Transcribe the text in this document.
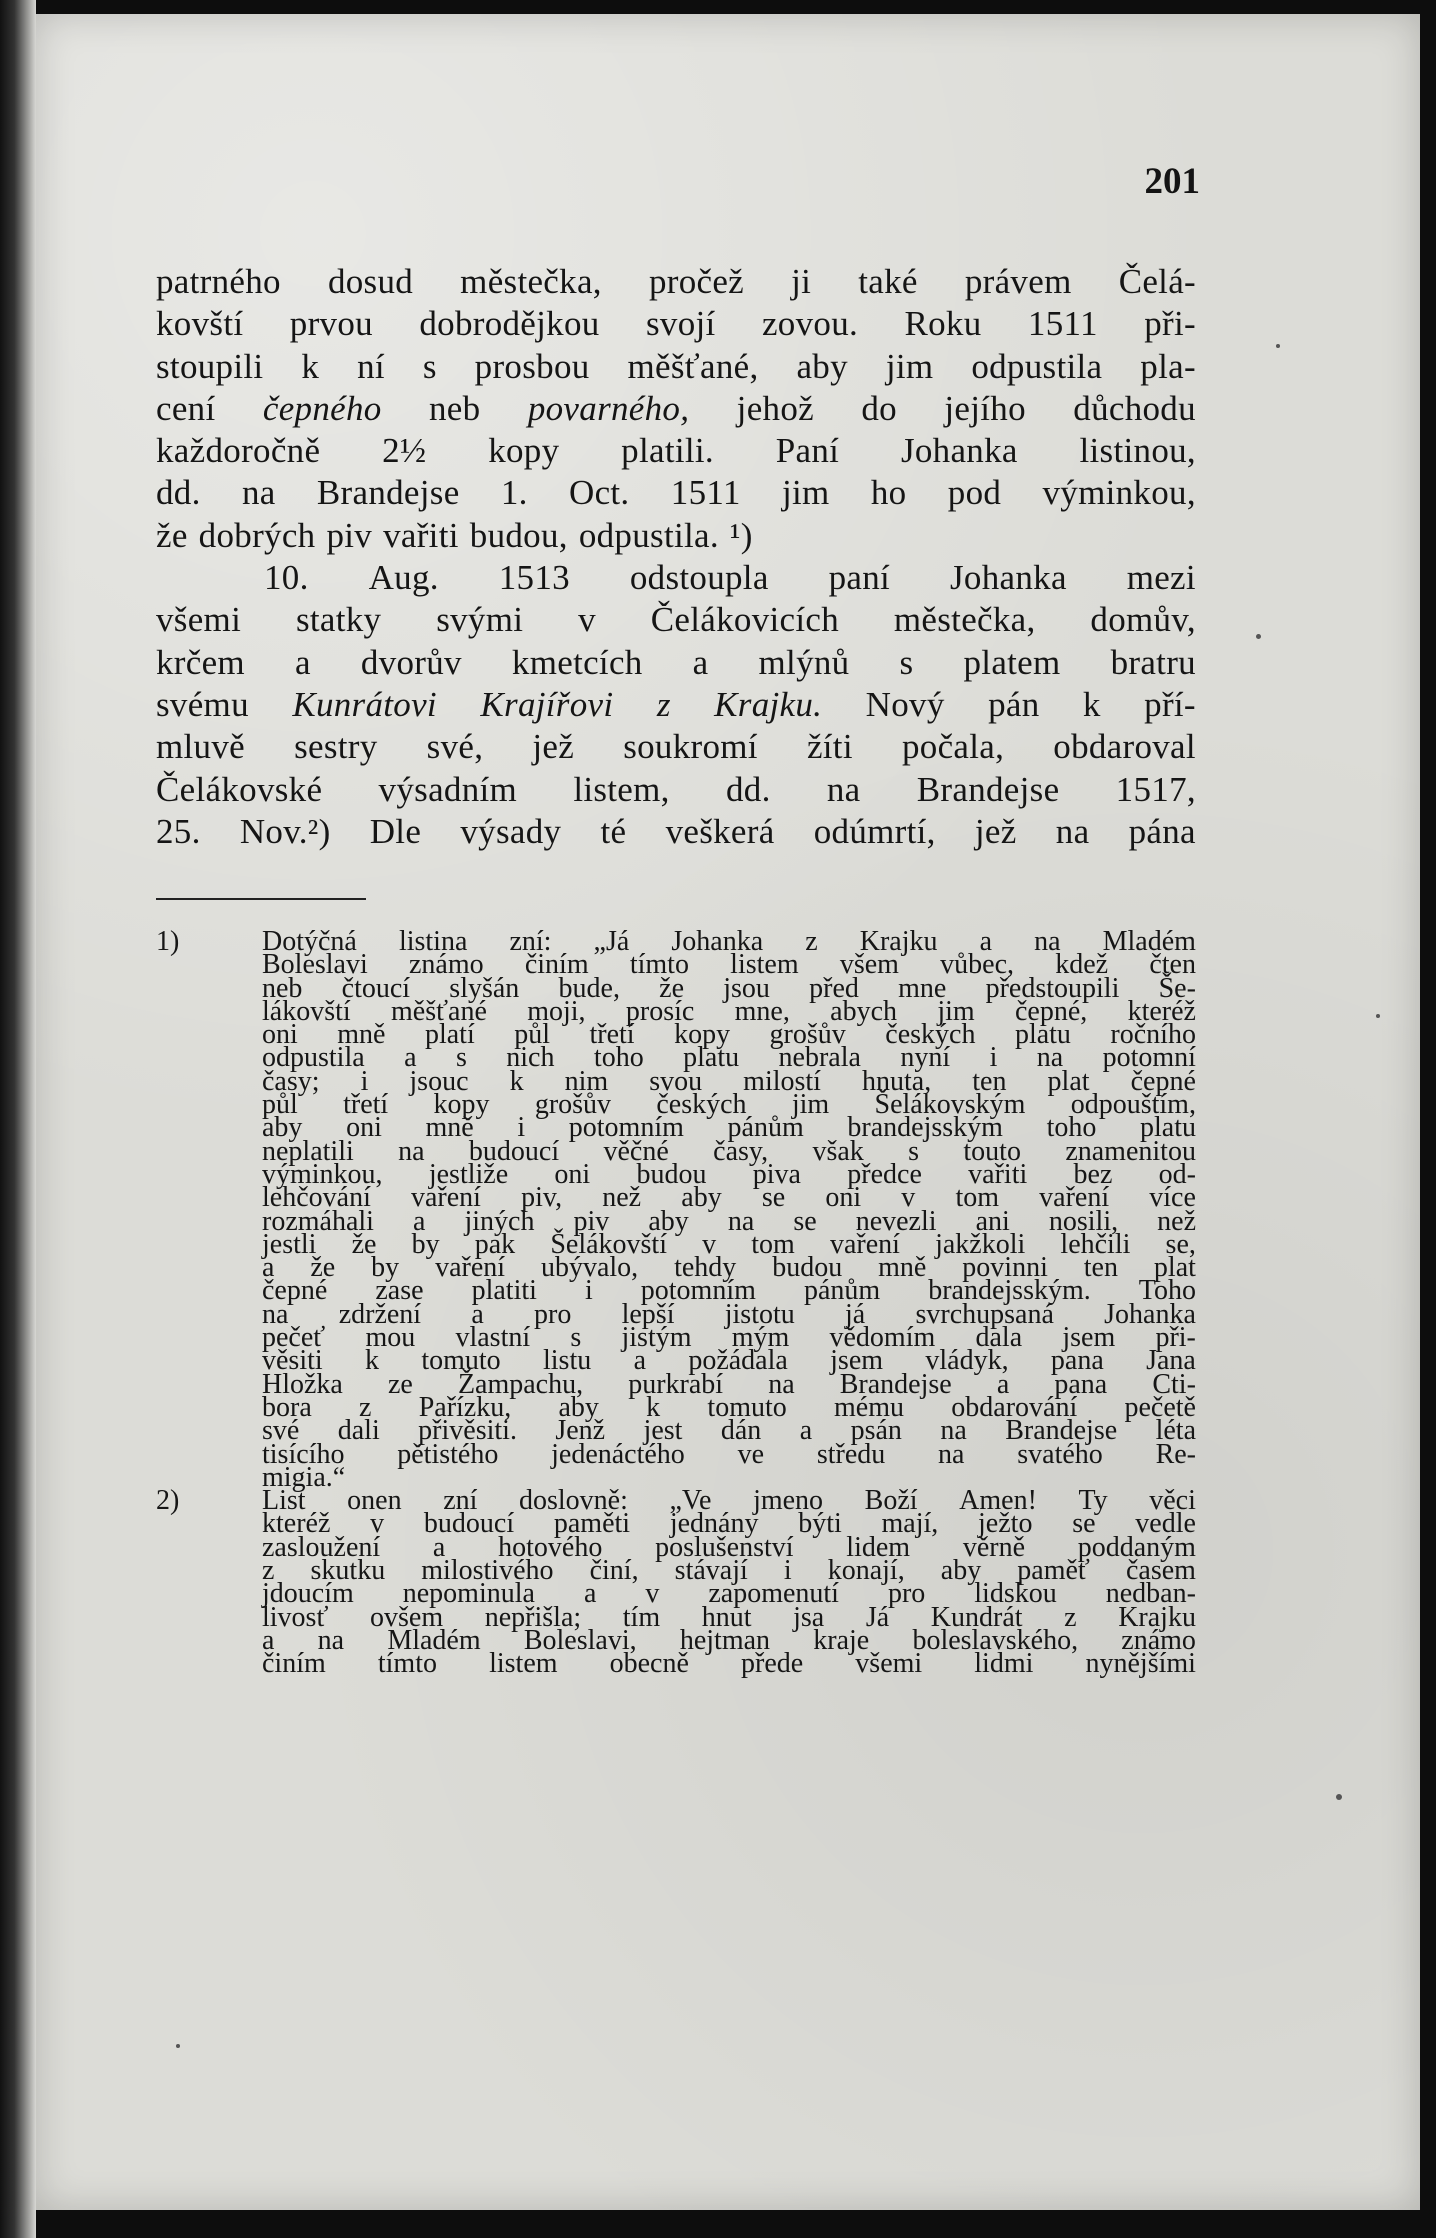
201
patrného dosud městečka, pročež ji také právem Čelá-
kovští prvou dobrodějkou svojí zovou. Roku 1511 při-
stoupili k ní s prosbou měšťané, aby jim odpustila pla-
cení čepného neb povarného, jehož do jejího důchodu
každoročně 2½ kopy platili. Paní Johanka listinou,
dd. na Brandejse 1. Oct. 1511 jim ho pod výminkou,
že dobrých piv vařiti budou, odpustila. ¹)
10. Aug. 1513 odstoupla paní Johanka mezi
všemi statky svými v Čelákovicích městečka, domův,
krčem a dvorův kmetcích a mlýnů s platem bratru
svému Kunrátovi Krajířovi z Krajku. Nový pán k pří-
mluvě sestry své, jež soukromí žíti počala, obdaroval
Čelákovské výsadním listem, dd. na Brandejse 1517,
25. Nov.²) Dle výsady té veškerá odúmrtí, jež na pána
1)	Dotýčná listina zní: „Já Johanka z Krajku a na Mladém
Boleslavi známo činím tímto listem všem vůbec, kdež čten
neb čtoucí slyšán bude, že jsou před mne předstoupili Še-
lákovští měšťané moji, prosíc mne, abych jim čepné, kteréž
oni mně platí půl třetí kopy grošův českých platu ročního
odpustila a s nich toho platu nebrala nyní i na potomní
časy; i jsouc k nim svou milostí hnuta, ten plat čepné
půl třetí kopy grošův českých jim Šelákovským odpouštím,
aby oni mně i potomním pánům brandejsským toho platu
neplatili na budoucí věčné časy, však s touto znamenitou
výminkou, jestliže oni budou piva předce vařiti bez od-
lehčování vaření piv, než aby se oni v tom vaření více
rozmáhali a jiných piv aby na se nevezli ani nosili, než
jestli že by pak Šelákovští v tom vaření jakžkoli lehčili se,
a že by vaření ubývalo, tehdy budou mně povinni ten plat
čepné zase platiti i potomním pánům brandejsským. Toho
na zdržení a pro lepší jistotu já svrchupsaná Johanka
pečeť mou vlastní s jistým mým vědomím dala jsem při-
věsiti k tomuto listu a požádala jsem vládyk, pana Jana
Hložka ze Žampachu, purkrabí na Brandejse a pana Cti-
bora z Pařízku, aby k tomuto mému obdarování pečetě
své dali přivěsiti. Jenž jest dán a psán na Brandejse léta
tisícího pětistého jedenáctého ve středu na svatého Re-
migia.“
2)	List onen zní doslovně: „Ve jmeno Boží Amen! Ty věci
kteréž v budoucí paměti jednány býti mají, ježto se vedle
zasloužení a hotového poslušenství lidem věrně poddaným
z skutku milostivého činí, stávají i konají, aby paměť časem
jdoucím nepominula a v zapomenutí pro lidskou nedban-
livosť ovšem nepřišla; tím hnut jsa Já Kundrát z Krajku
a na Mladém Boleslavi, hejtman kraje boleslavského, známo
činím tímto listem obecně přede všemi lidmi nynějšími
